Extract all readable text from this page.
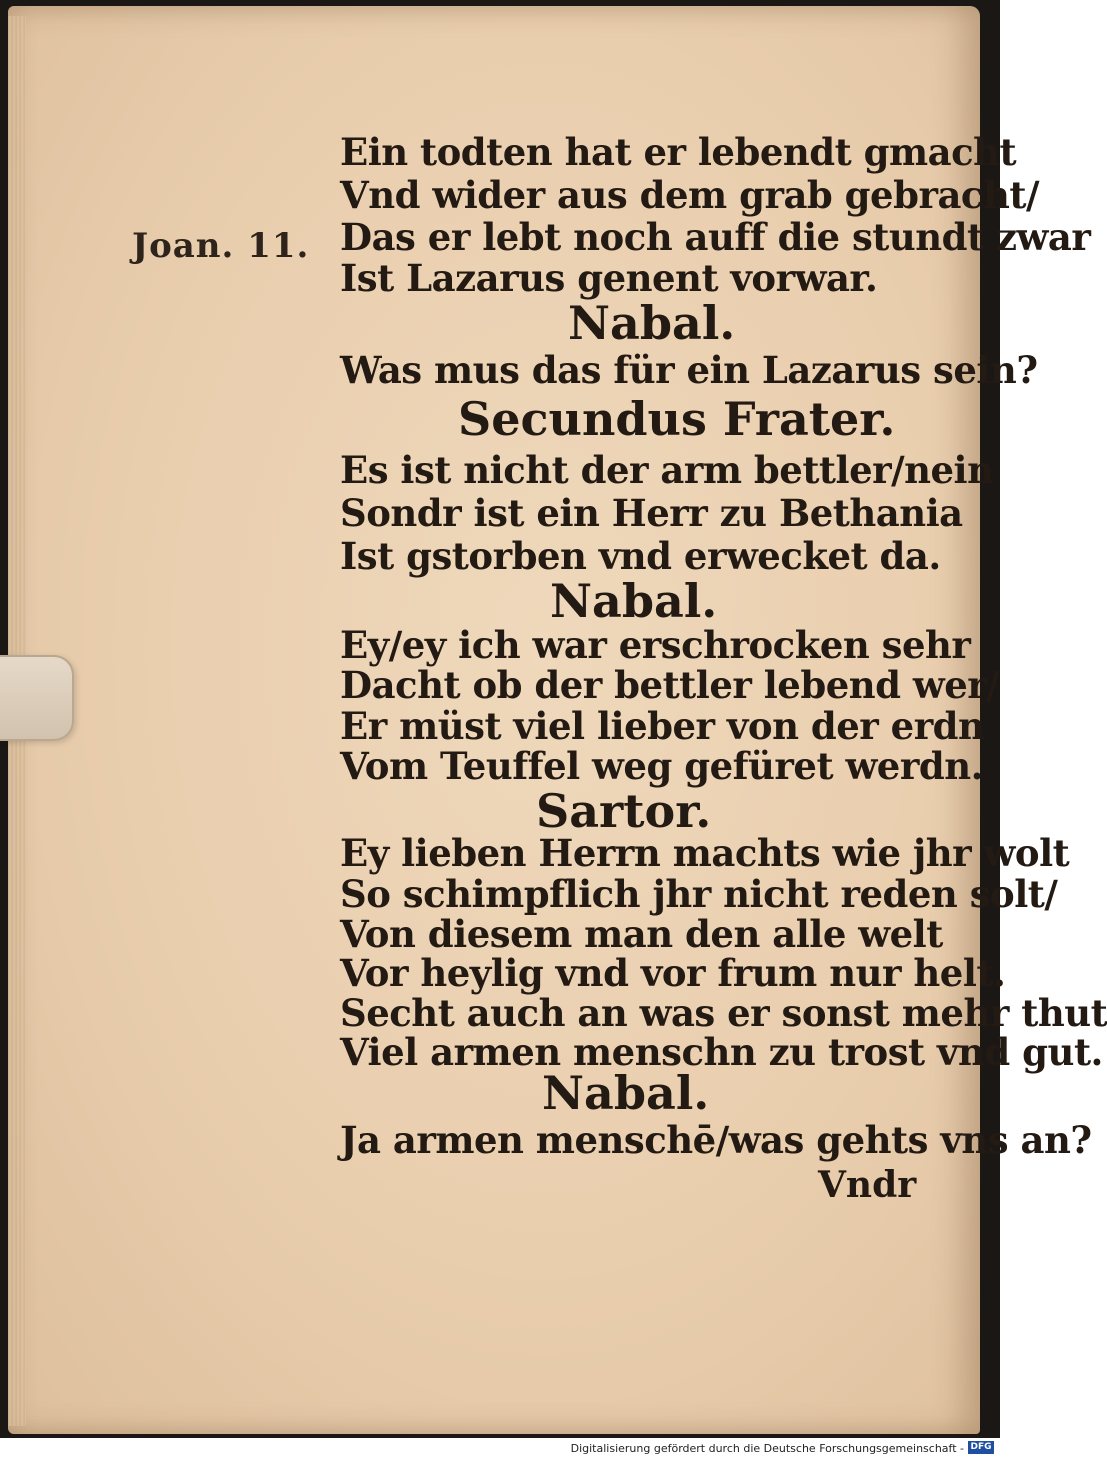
Joan. 11.
Ein todten hat er lebendt gmacht
Vnd wider aus dem grab gebracht/
Das er lebt noch auff die stundt zwar
Ist Lazarus genent vorwar.
Nabal.
Was mus das für ein Lazarus sein?
Secundus Frater.
Es ist nicht der arm bettler/nein
Sondr ist ein Herr zu Bethania
Ist gstorben vnd erwecket da.
Nabal.
Ey/ey ich war erschrocken sehr
Dacht ob der bettler lebend wer/
Er müst viel lieber von der erdn
Vom Teuffel weg gefüret werdn.
Sartor.
Ey lieben Herrn machts wie jhr wolt
So schimpflich jhr nicht reden solt/
Von diesem man den alle welt
Vor heylig vnd vor frum nur helt.
Secht auch an was er sonst mehr thut
Viel armen menschn zu trost vnd gut.
Nabal.
Ja armen menschē/was gehts vns an?
Vndr
Digitalisierung gefördert durch die Deutsche Forschungsgemeinschaft - DFG
